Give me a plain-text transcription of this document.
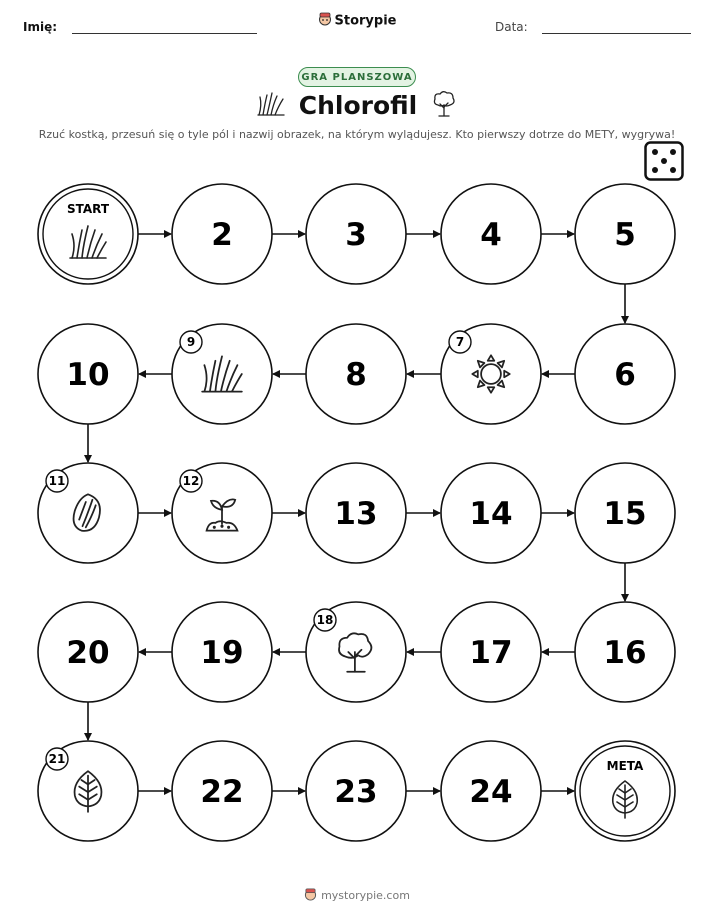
Imię:	Storypie	Data:
GRA PLANSZOWA
Chlorofil
Rzuć kostką, przesuń się o tyle pól i nazwij obrazek, na którym wylądujesz. Kto pierwszy dotrze do METY, wygrywa!
START
2	3	4	5
6
7
8
9
10
11	12
13	14	15
16
17
18
19
20
21
22	23	24
META
mystorypie.com
